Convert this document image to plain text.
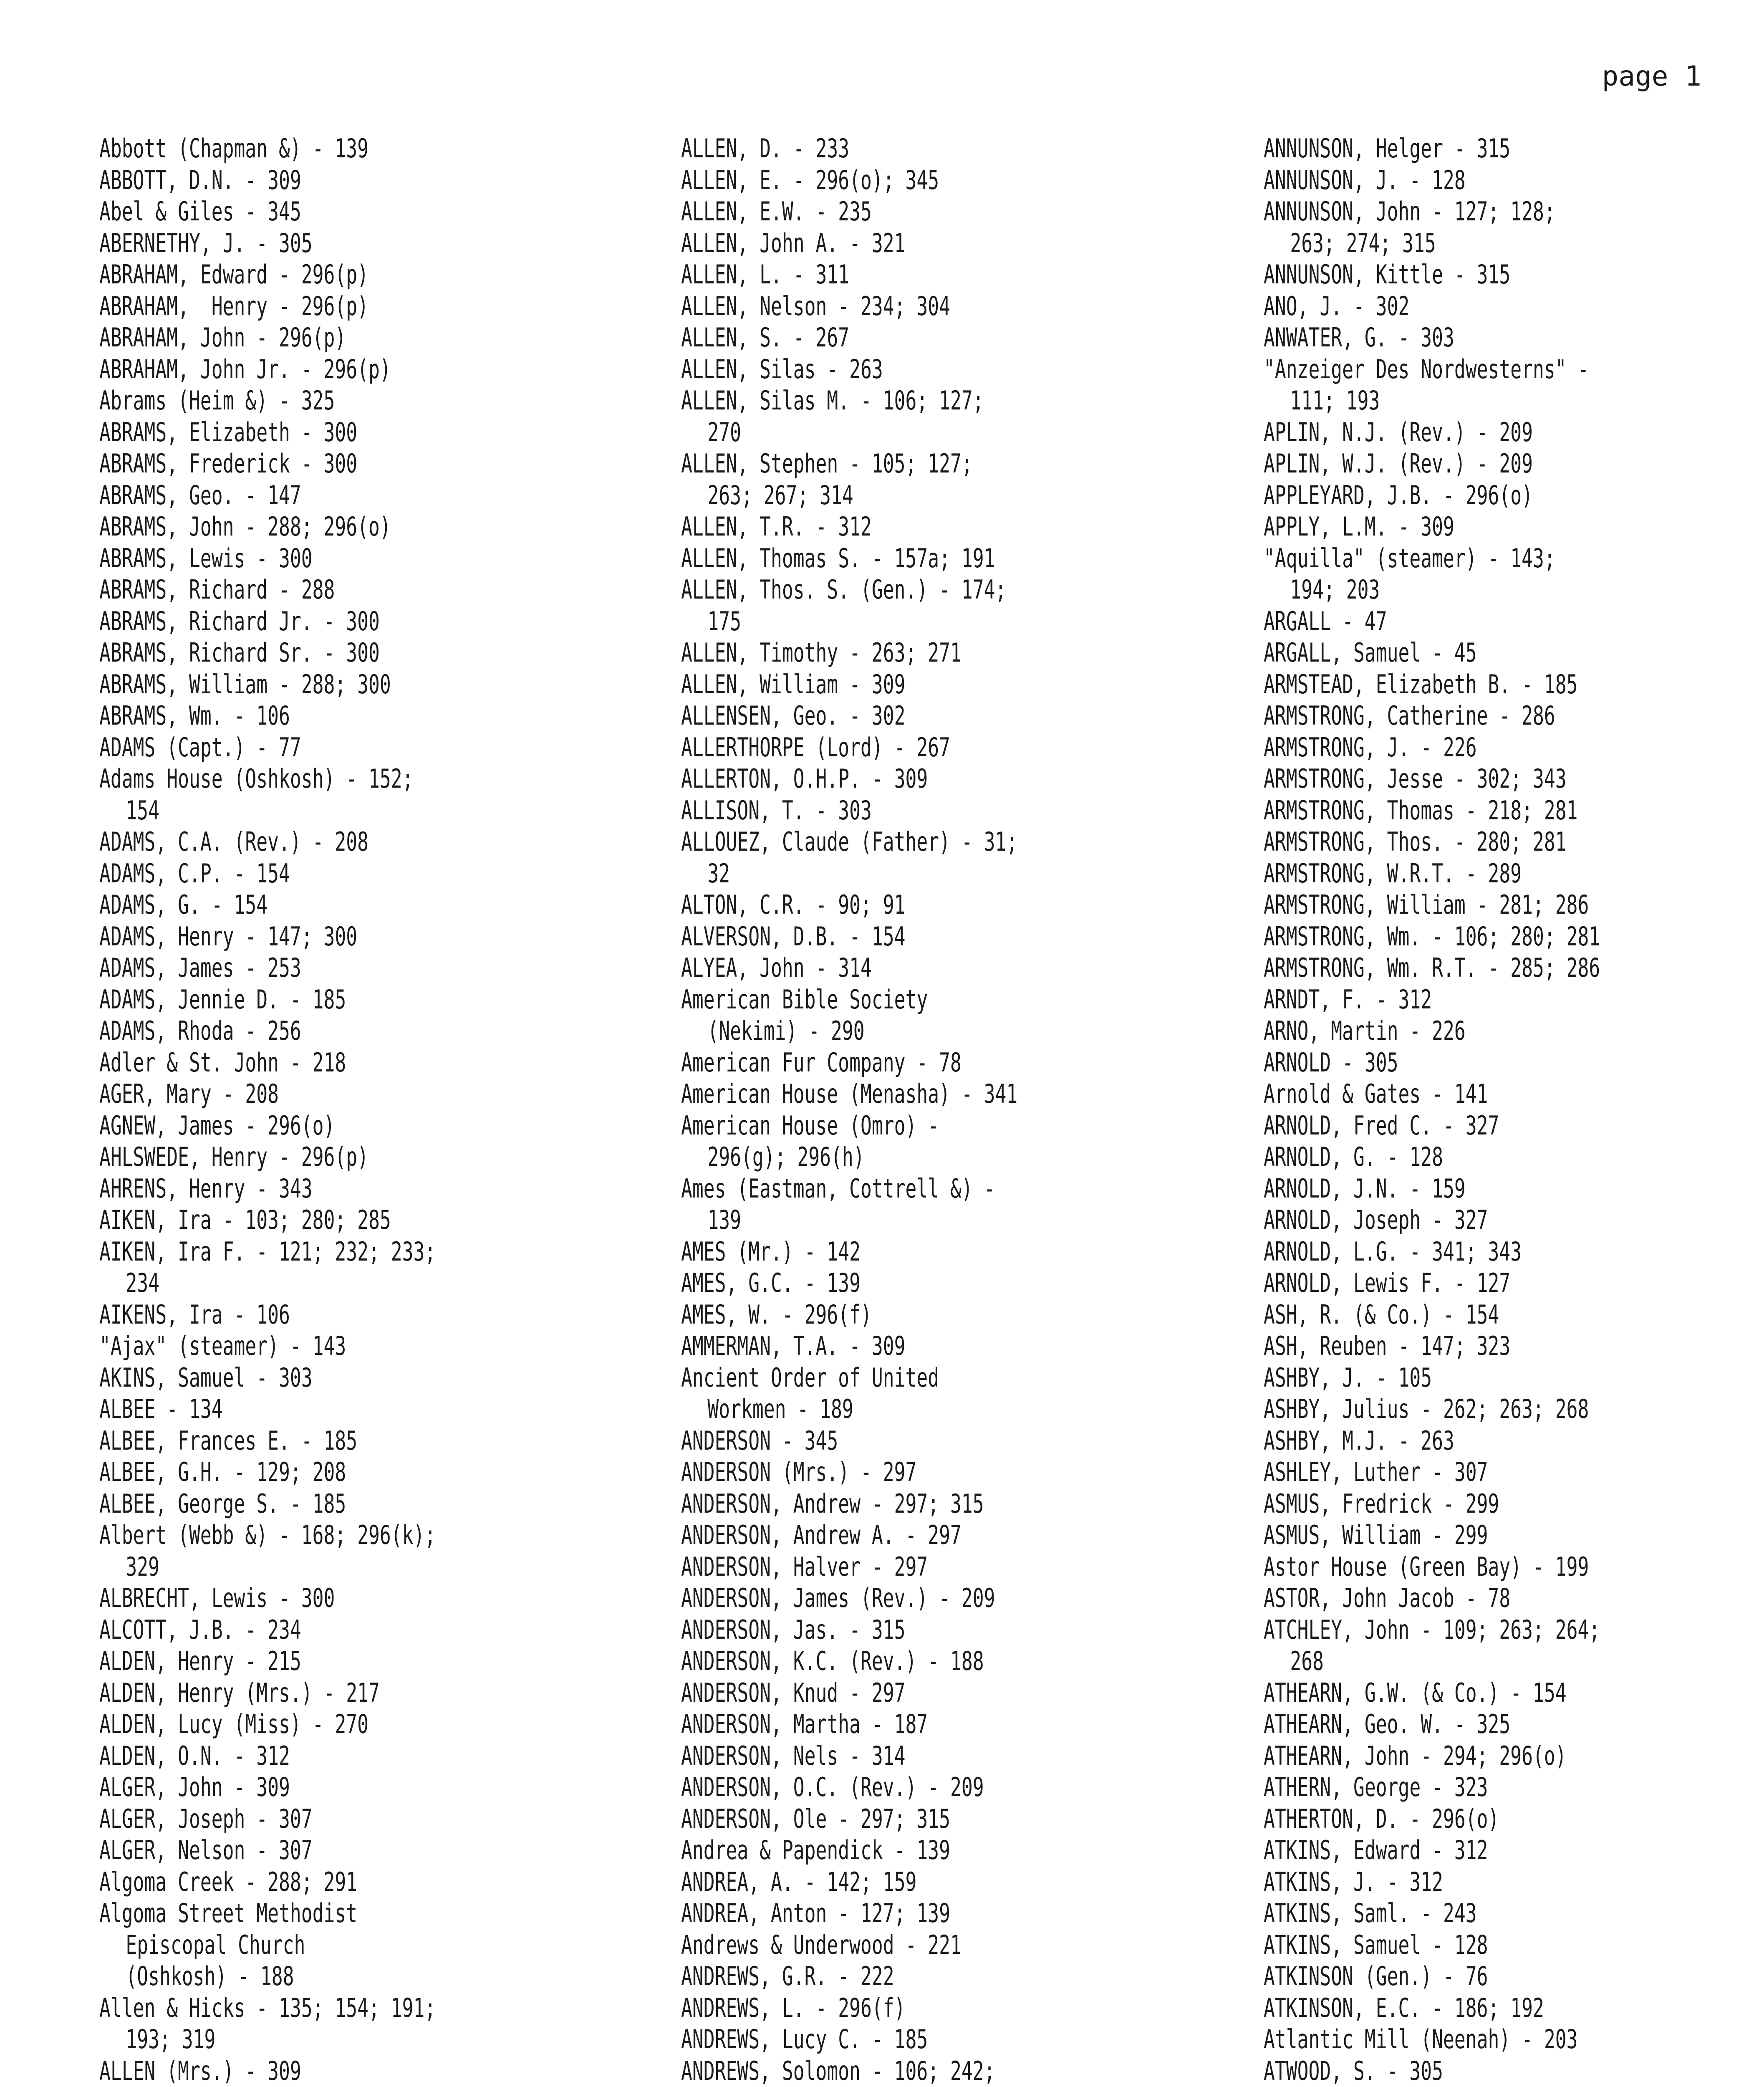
page 1
Abbott (Chapman &) - 139
ABBOTT, D.N. - 309
Abel & Giles - 345
ABERNETHY, J. - 305
ABRAHAM, Edward - 296(p)
ABRAHAM,  Henry - 296(p)
ABRAHAM, John - 296(p)
ABRAHAM, John Jr. - 296(p)
Abrams (Heim &) - 325
ABRAMS, Elizabeth - 300
ABRAMS, Frederick - 300
ABRAMS, Geo. - 147
ABRAMS, John - 288; 296(o)
ABRAMS, Lewis - 300
ABRAMS, Richard - 288
ABRAMS, Richard Jr. - 300
ABRAMS, Richard Sr. - 300
ABRAMS, William - 288; 300
ABRAMS, Wm. - 106
ADAMS (Capt.) - 77
Adams House (Oshkosh) - 152;
154
ADAMS, C.A. (Rev.) - 208
ADAMS, C.P. - 154
ADAMS, G. - 154
ADAMS, Henry - 147; 300
ADAMS, James - 253
ADAMS, Jennie D. - 185
ADAMS, Rhoda - 256
Adler & St. John - 218
AGER, Mary - 208
AGNEW, James - 296(o)
AHLSWEDE, Henry - 296(p)
AHRENS, Henry - 343
AIKEN, Ira - 103; 280; 285
AIKEN, Ira F. - 121; 232; 233;
234
AIKENS, Ira - 106
"Ajax" (steamer) - 143
AKINS, Samuel - 303
ALBEE - 134
ALBEE, Frances E. - 185
ALBEE, G.H. - 129; 208
ALBEE, George S. - 185
Albert (Webb &) - 168; 296(k);
329
ALBRECHT, Lewis - 300
ALCOTT, J.B. - 234
ALDEN, Henry - 215
ALDEN, Henry (Mrs.) - 217
ALDEN, Lucy (Miss) - 270
ALDEN, O.N. - 312
ALGER, John - 309
ALGER, Joseph - 307
ALGER, Nelson - 307
Algoma Creek - 288; 291
Algoma Street Methodist
Episcopal Church
(Oshkosh) - 188
Allen & Hicks - 135; 154; 191;
193; 319
ALLEN (Mrs.) - 309
ALLEN, D. - 233
ALLEN, E. - 296(o); 345
ALLEN, E.W. - 235
ALLEN, John A. - 321
ALLEN, L. - 311
ALLEN, Nelson - 234; 304
ALLEN, S. - 267
ALLEN, Silas - 263
ALLEN, Silas M. - 106; 127;
270
ALLEN, Stephen - 105; 127;
263; 267; 314
ALLEN, T.R. - 312
ALLEN, Thomas S. - 157a; 191
ALLEN, Thos. S. (Gen.) - 174;
175
ALLEN, Timothy - 263; 271
ALLEN, William - 309
ALLENSEN, Geo. - 302
ALLERTHORPE (Lord) - 267
ALLERTON, O.H.P. - 309
ALLISON, T. - 303
ALLOUEZ, Claude (Father) - 31;
32
ALTON, C.R. - 90; 91
ALVERSON, D.B. - 154
ALYEA, John - 314
American Bible Society
(Nekimi) - 290
American Fur Company - 78
American House (Menasha) - 341
American House (Omro) -
296(g); 296(h)
Ames (Eastman, Cottrell &) -
139
AMES (Mr.) - 142
AMES, G.C. - 139
AMES, W. - 296(f)
AMMERMAN, T.A. - 309
Ancient Order of United
Workmen - 189
ANDERSON - 345
ANDERSON (Mrs.) - 297
ANDERSON, Andrew - 297; 315
ANDERSON, Andrew A. - 297
ANDERSON, Halver - 297
ANDERSON, James (Rev.) - 209
ANDERSON, Jas. - 315
ANDERSON, K.C. (Rev.) - 188
ANDERSON, Knud - 297
ANDERSON, Martha - 187
ANDERSON, Nels - 314
ANDERSON, O.C. (Rev.) - 209
ANDERSON, Ole - 297; 315
Andrea & Papendick - 139
ANDREA, A. - 142; 159
ANDREA, Anton - 127; 139
Andrews & Underwood - 221
ANDREWS, G.R. - 222
ANDREWS, L. - 296(f)
ANDREWS, Lucy C. - 185
ANDREWS, Solomon - 106; 242;
ANNUNSON, Helger - 315
ANNUNSON, J. - 128
ANNUNSON, John - 127; 128;
263; 274; 315
ANNUNSON, Kittle - 315
ANO, J. - 302
ANWATER, G. - 303
"Anzeiger Des Nordwesterns" -
111; 193
APLIN, N.J. (Rev.) - 209
APLIN, W.J. (Rev.) - 209
APPLEYARD, J.B. - 296(o)
APPLY, L.M. - 309
"Aquilla" (steamer) - 143;
194; 203
ARGALL - 47
ARGALL, Samuel - 45
ARMSTEAD, Elizabeth B. - 185
ARMSTRONG, Catherine - 286
ARMSTRONG, J. - 226
ARMSTRONG, Jesse - 302; 343
ARMSTRONG, Thomas - 218; 281
ARMSTRONG, Thos. - 280; 281
ARMSTRONG, W.R.T. - 289
ARMSTRONG, William - 281; 286
ARMSTRONG, Wm. - 106; 280; 281
ARMSTRONG, Wm. R.T. - 285; 286
ARNDT, F. - 312
ARNO, Martin - 226
ARNOLD - 305
Arnold & Gates - 141
ARNOLD, Fred C. - 327
ARNOLD, G. - 128
ARNOLD, J.N. - 159
ARNOLD, Joseph - 327
ARNOLD, L.G. - 341; 343
ARNOLD, Lewis F. - 127
ASH, R. (& Co.) - 154
ASH, Reuben - 147; 323
ASHBY, J. - 105
ASHBY, Julius - 262; 263; 268
ASHBY, M.J. - 263
ASHLEY, Luther - 307
ASMUS, Fredrick - 299
ASMUS, William - 299
Astor House (Green Bay) - 199
ASTOR, John Jacob - 78
ATCHLEY, John - 109; 263; 264;
268
ATHEARN, G.W. (& Co.) - 154
ATHEARN, Geo. W. - 325
ATHEARN, John - 294; 296(o)
ATHERN, George - 323
ATHERTON, D. - 296(o)
ATKINS, Edward - 312
ATKINS, J. - 312
ATKINS, Saml. - 243
ATKINS, Samuel - 128
ATKINSON (Gen.) - 76
ATKINSON, E.C. - 186; 192
Atlantic Mill (Neenah) - 203
ATWOOD, S. - 305
